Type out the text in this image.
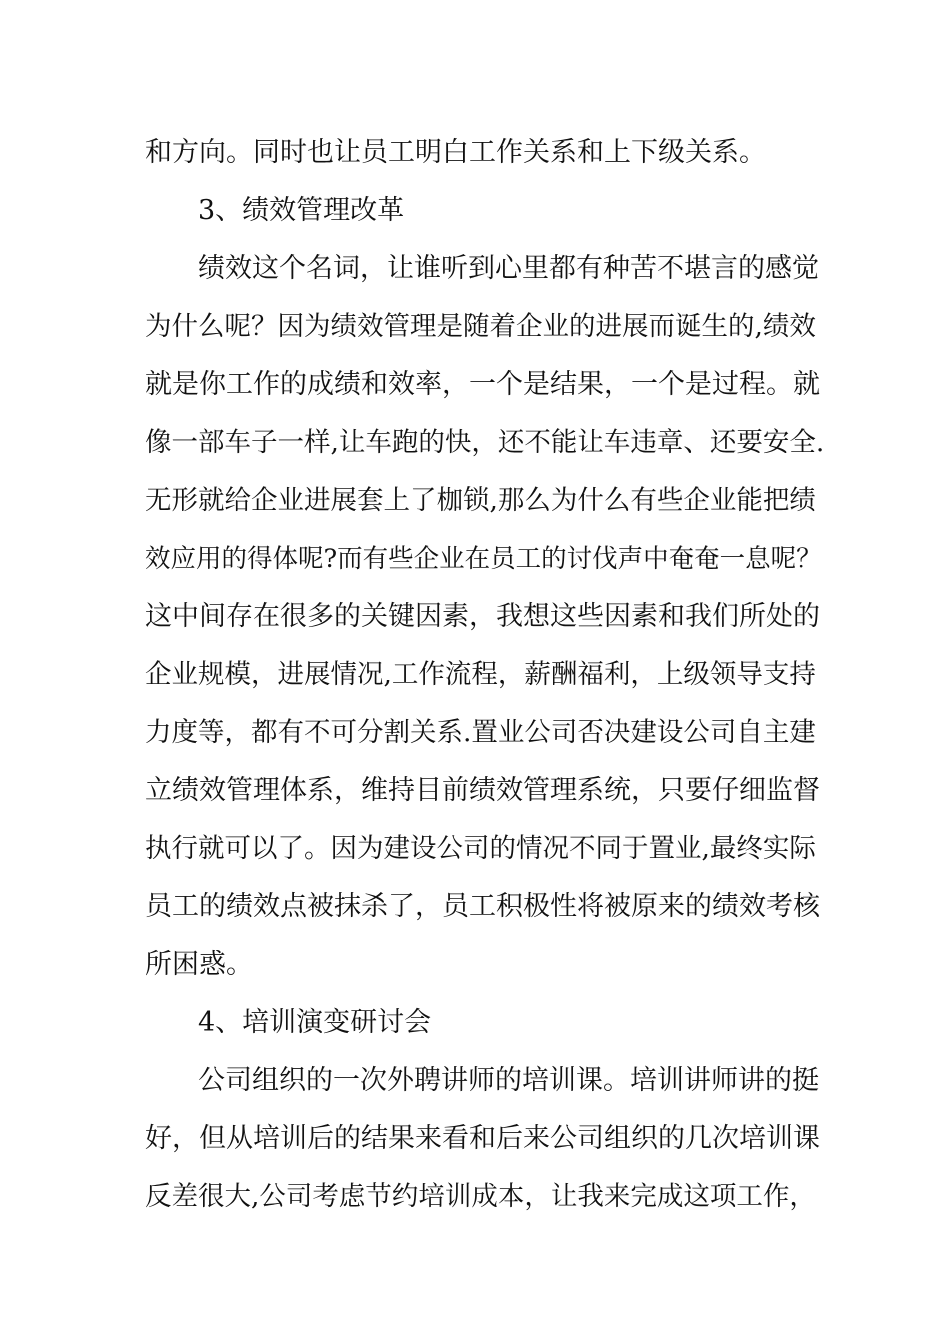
和方向。同时也让员工明白工作关系和上下级关系。
3、绩效管理改革
绩效这个名词，让谁听到心里都有种苦不堪言的感觉
为什么呢？因为绩效管理是随着企业的进展而诞生的,绩效
就是你工作的成绩和效率，一个是结果，一个是过程。就
像一部车子一样,让车跑的快，还不能让车违章、还要安全.
无形就给企业进展套上了枷锁,那么为什么有些企业能把绩
效应用的得体呢?而有些企业在员工的讨伐声中奄奄一息呢？
这中间存在很多的关键因素，我想这些因素和我们所处的
企业规模，进展情况,工作流程，薪酬福利，上级领导支持
力度等，都有不可分割关系.置业公司否决建设公司自主建
立绩效管理体系，维持目前绩效管理系统，只要仔细监督
执行就可以了。因为建设公司的情况不同于置业,最终实际
员工的绩效点被抹杀了，员工积极性将被原来的绩效考核
所困惑。
4、培训演变研讨会
公司组织的一次外聘讲师的培训课。培训讲师讲的挺
好，但从培训后的结果来看和后来公司组织的几次培训课
反差很大,公司考虑节约培训成本，让我来完成这项工作，
